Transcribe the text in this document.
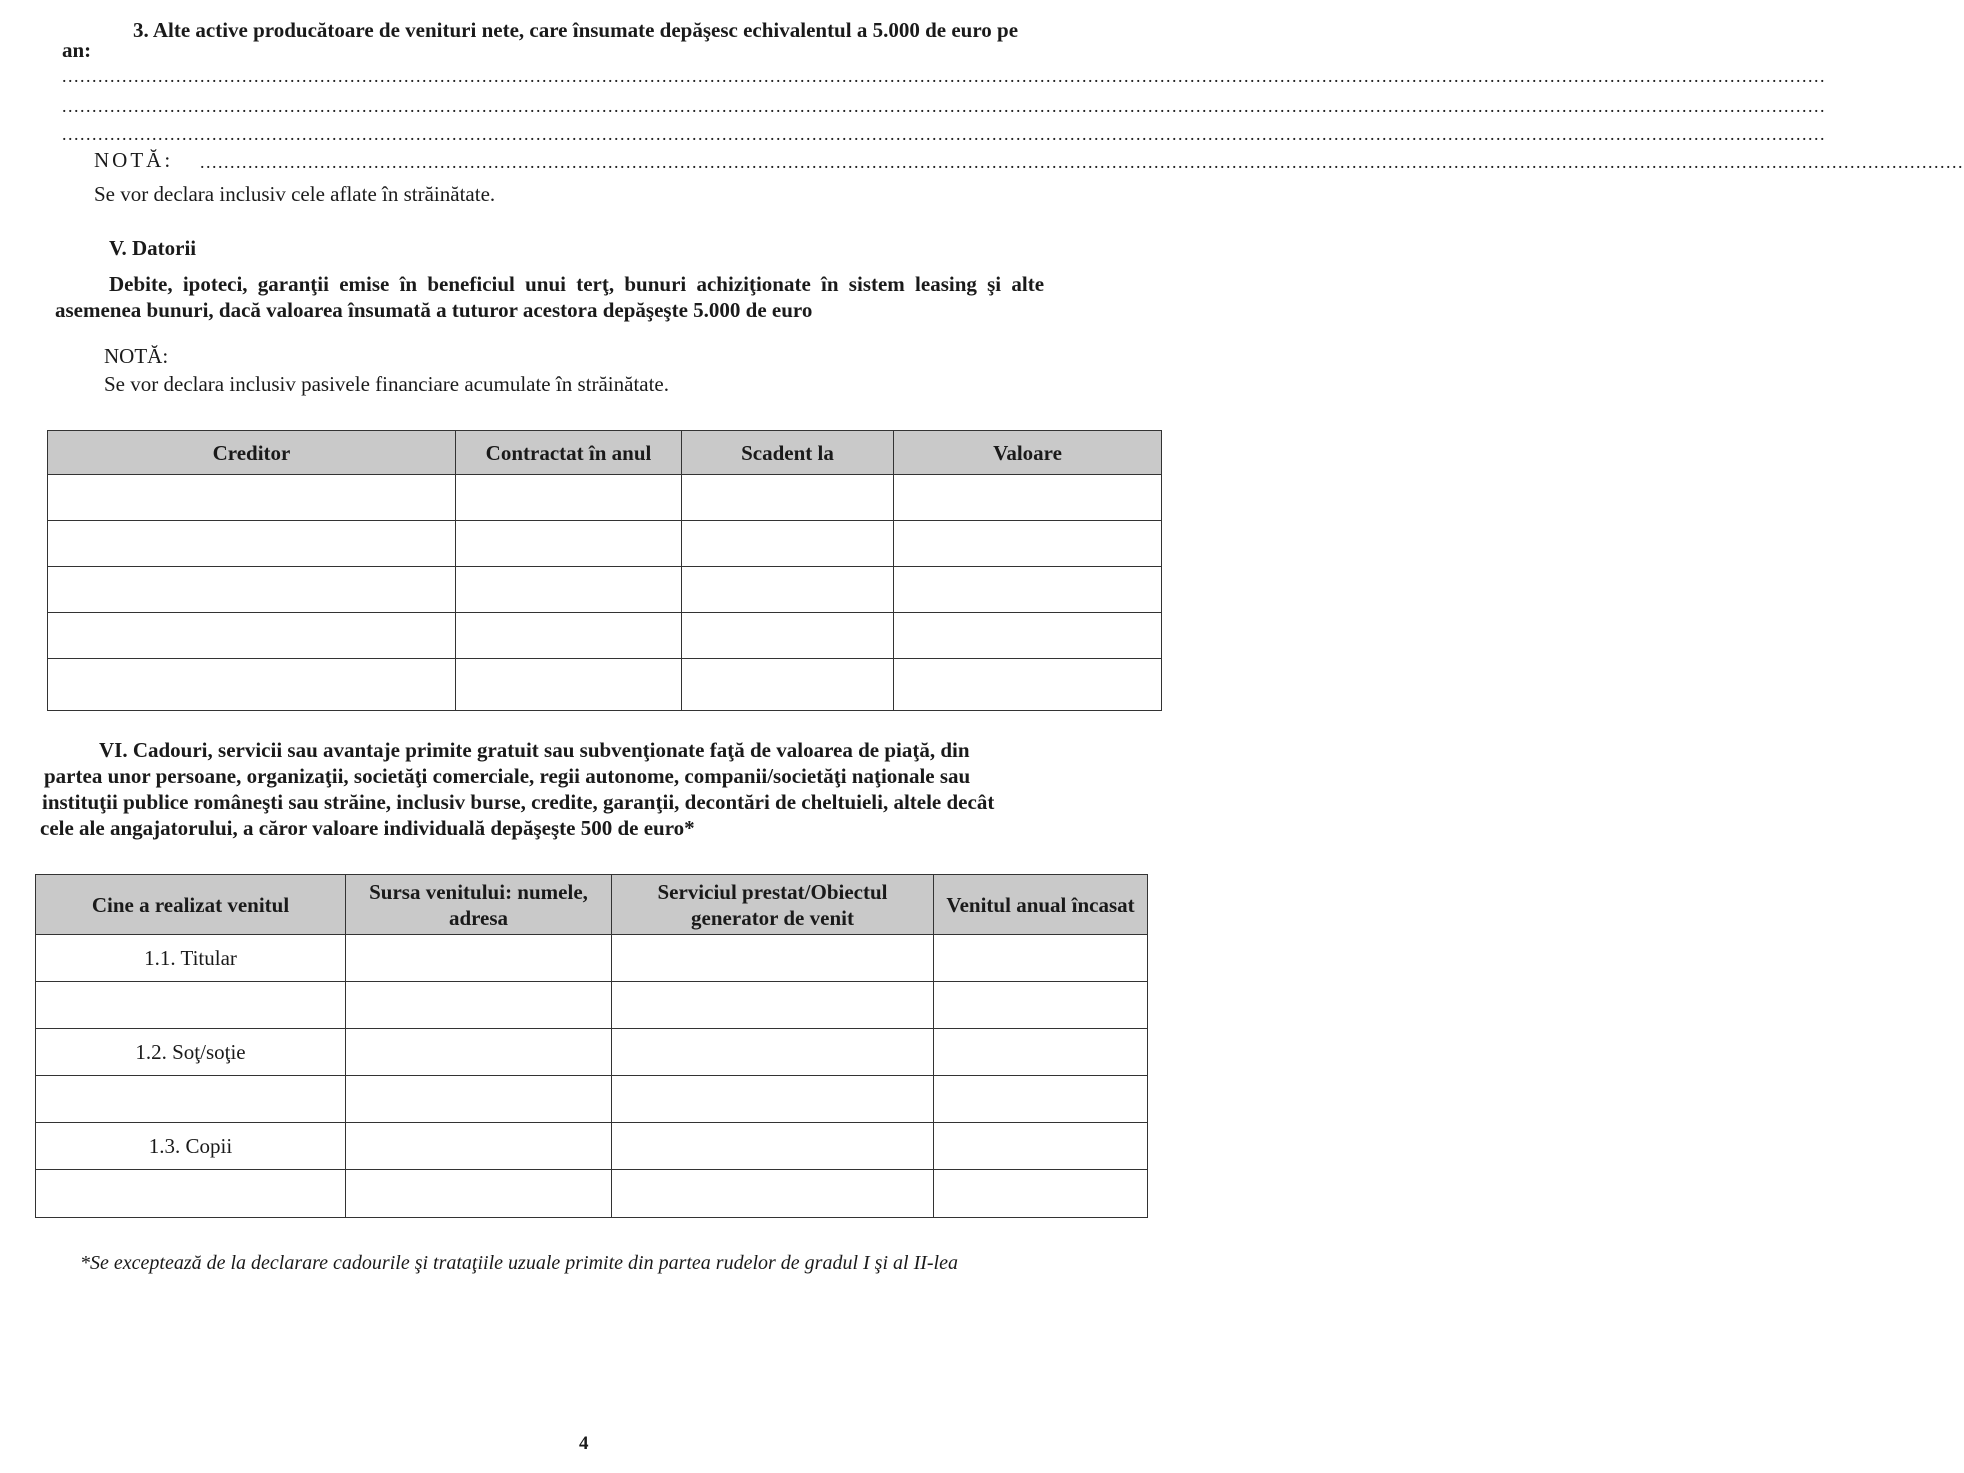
3. Alte active producătoare de venituri nete, care însumate depăşesc echivalentul a 5.000 de euro pe
an:
......................................................................................................................................................................................................................................................................................................
......................................................................................................................................................................................................................................................................................................
......................................................................................................................................................................................................................................................................................................
......................................................................................................................................................................................................................................................................................................
NOTĂ:
Se vor declara inclusiv cele aflate în străinătate.
V. Datorii
Debite, ipoteci, garanţii emise în beneficiul unui terţ, bunuri achiziţionate în sistem leasing şi alte
asemenea bunuri, dacă valoarea însumată a tuturor acestora depăşeşte 5.000 de euro
NOTĂ:
Se vor declara inclusiv pasivele financiare acumulate în străinătate.
Creditor	Contractat în anul	Scadent la	Valoare

VI. Cadouri, servicii sau avantaje primite gratuit sau subvenţionate faţă de valoarea de piaţă, din
partea unor persoane, organizaţii, societăţi comerciale, regii autonome, companii/societăţi naţionale sau
instituţii publice româneşti sau străine, inclusiv burse, credite, garanţii, decontări de cheltuieli, altele decât
cele ale angajatorului, a căror valoare individuală depăşeşte 500 de euro*
Cine a realizat venitul	Sursa venitului: numele, adresa	Serviciul prestat/Obiectul generator de venit	Venitul anual încasat
1.1. Titular			

1.2. Soţ/soţie			

1.3. Copii			

*Se exceptează de la declarare cadourile şi trataţiile uzuale primite din partea rudelor de gradul I şi al II-lea
4
